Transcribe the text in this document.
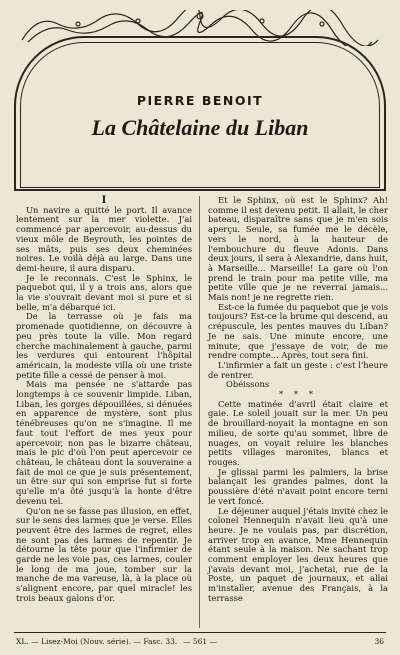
PIERRE BENOIT
La Châtelaine du Liban

I

Un navire a quitté le port. Il avance lentement sur la mer violette. J'ai commencé par apercevoir, au-dessus du vieux môle de Beyrouth, les pointes de ses mâts, puis ses deux cheminées noires. Le voilà déjà au large. Dans une demi-heure, il aura disparu.

Je le reconnais. C'est le Sphinx, le paquebot qui, il y a trois ans, alors que la vie s'ouvrait devant moi si pure et si belle, m'a débarqué ici.

De la terrasse où je fais ma promenade quotidienne, on découvre à peu près toute la ville. Mon regard cherche machinalement à gauche, parmi les verdures qui entourent l'hôpital américain, la modeste villa où une triste petite fille a cessé de penser à moi.

Mais ma pensée ne s'attarde pas longtemps à ce souvenir limpide. Liban, Liban, les gorges dépouillées, si dénuées en apparence de mystère, sont plus ténébreuses qu'on ne s'imagine. Il me faut tout l'effort de mes yeux pour apercevoir, non pas le bizarre château, mais le pic d'où l'on peut apercevoir ce château, le château dont la souveraine a fait de moi ce que je suis présentement, un être sur qui son emprise fut si forte qu'elle m'a ôté jusqu'à la honte d'être devenu tel.

Qu'on ne se fasse pas illusion, en effet, sur le sens des larmes que je verse. Elles peuvent être des larmes de regret, elles ne sont pas des larmes de repentir. Je détourne la tête pour que l'infirmier de garde ne les voie pas, ces larmes, couler le long de ma joue, tomber sur la manche de ma vareuse, là, à la place où s'alignent encore, par quel miracle! les trois beaux galons d'or.

Et le Sphinx, où est le Sphinx? Ah! comme il est devenu petit. Il allait, le cher bateau, disparaître sans que je m'en sois aperçu. Seule, sa fumée me le décèle, vers le nord, à la hauteur de l'embouchure du fleuve Adonis. Dans deux jours, il sera à Alexandrie, dans huit, à Marseille... Marseille! La gare où l'on prend le train pour ma petite ville, ma petite ville que je ne reverrai jamais... Mais non! je ne regrette rien.

Est-ce la fumée du paquebot que je vois toujours? Est-ce la brume qui descend, au crépuscule, les pentes mauves du Liban? Je ne sais. Une minute encore, une minute, que j'essaye de voir, de me rendre compte... Après, tout sera fini.

L'infirmier a fait un geste : c'est l'heure de rentrer.

Obéissons

* * *

Cette matinée d'avril était claire et gaie. Le soleil jouait sur la mer. Un peu de brouillard-noyait la montagne en son milieu, de sorte qu'au sommet, libre de nuages, on voyait reluire les blanches petits villages maronites, blancs et rouges.

Je glissai parmi les palmiers, la brise balançait les grandes palmes, dont la poussière d'été n'avait point encore terni le vert foncé.

Le déjeuner auquel j'étais invité chez le colonel Hennequin n'avait lieu qu'à une heure. Je ne voulais pas, par discrétion, arriver trop en avance, Mme Hennequin étant seule à la maison. Ne sachant trop comment employer les deux heures que j'avais devant moi, j'achetai, rue de la Poste, un paquet de journaux, et allai m'installer, avenue des Français, à la terrasse

— 561 —
XL. — Lisez-Moi (Nouv. série). — Fasc. 33.	36
